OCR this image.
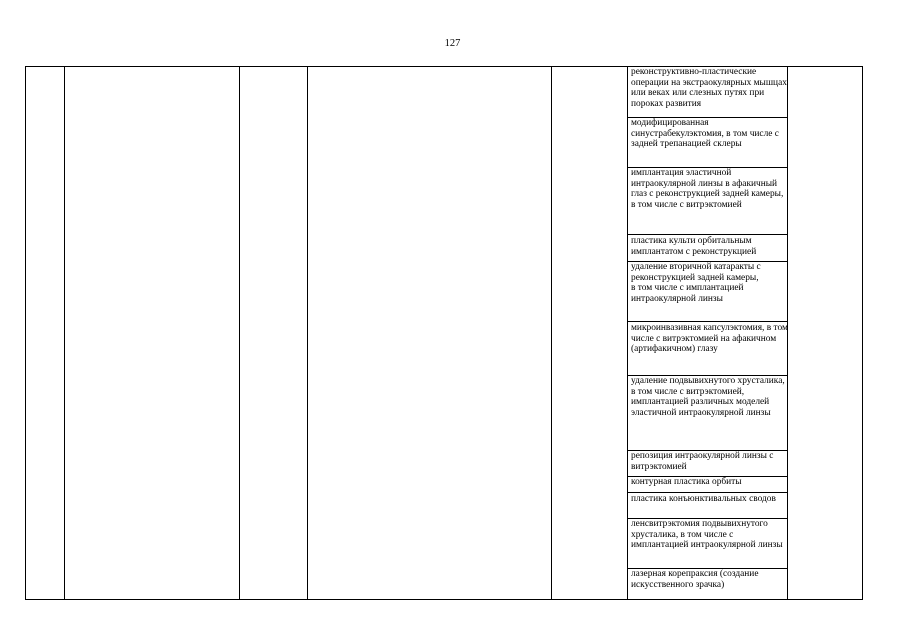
127
реконструктивно-пластические операции на экстраокулярных мышцах или веках или слезных путях при пороках развития
модифицированная синустрабекулэктомия, в том числе с задней трепанацией склеры
имплантация эластичной интраокулярной линзы в афакичный глаз с реконструкцией задней камеры, в том числе с витрэктомией
пластика культи орбитальным имплантатом с реконструкцией
удаление вторичной катаракты с реконструкцией задней камеры,
в том числе с имплантацией интраокулярной линзы
микроинвазивная капсулэктомия, в том числе с витрэктомией на афакичном (артифакичном) глазу
удаление подвывихнутого хрусталика, в том числе с витрэктомией, имплантацией различных моделей эластичной интраокулярной линзы
репозиция интраокулярной линзы с витрэктомией
контурная пластика орбиты
пластика конъюнктивальных сводов
ленсвитрэктомия подвывихнутого хрусталика, в том числе с имплантацией интраокулярной линзы
лазерная корепраксия (создание искусственного зрачка)
